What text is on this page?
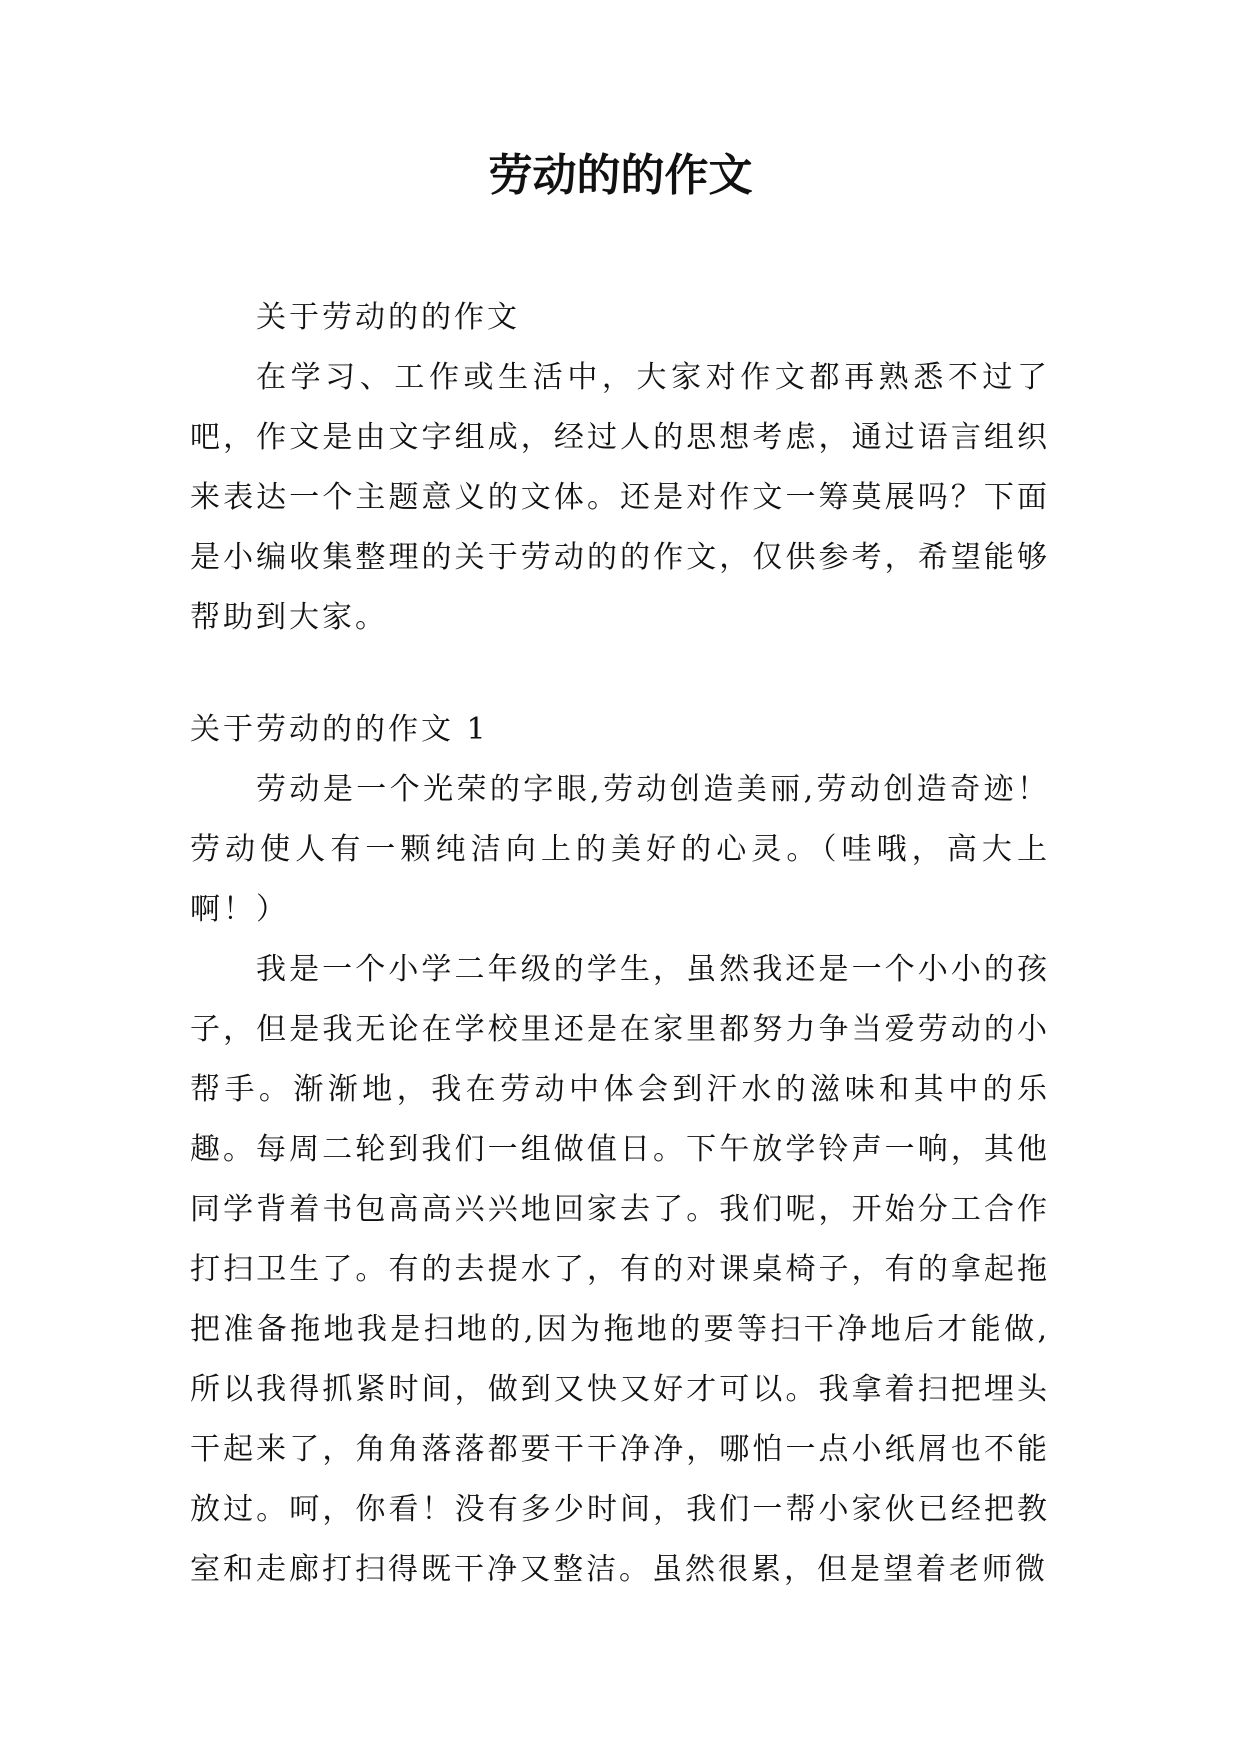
劳动的的作文

关于劳动的的作文

在学习、工作或生活中，大家对作文都再熟悉不过了吧，作文是由文字组成，经过人的思想考虑，通过语言组织来表达一个主题意义的文体。还是对作文一筹莫展吗？下面是小编收集整理的关于劳动的的作文，仅供参考，希望能够帮助到大家。

关于劳动的的作文 1

劳动是一个光荣的字眼,劳动创造美丽,劳动创造奇迹！劳动使人有一颗纯洁向上的美好的心灵。（哇哦，高大上啊！）

我是一个小学二年级的学生，虽然我还是一个小小的孩子，但是我无论在学校里还是在家里都努力争当爱劳动的小帮手。渐渐地，我在劳动中体会到汗水的滋味和其中的乐趣。 每周二轮到我们一组做值日。下午放学铃声一响，其他同学背着书包高高兴兴地回家去了。我们呢，开始分工合作打扫卫生了。有的去提水了，有的对课桌椅子，有的拿起拖把准备拖地我是扫地的,因为拖地的要等扫干净地后才能做,所以我得抓紧时间，做到又快又好才可以。我拿着扫把埋头干起来了，角角落落都要干干净净，哪怕一点小纸屑也不能放过。呵，你看！没有多少时间，我们一帮小家伙已经把教室和走廊打扫得既干净又整洁。虽然很累，但是望着老师微
